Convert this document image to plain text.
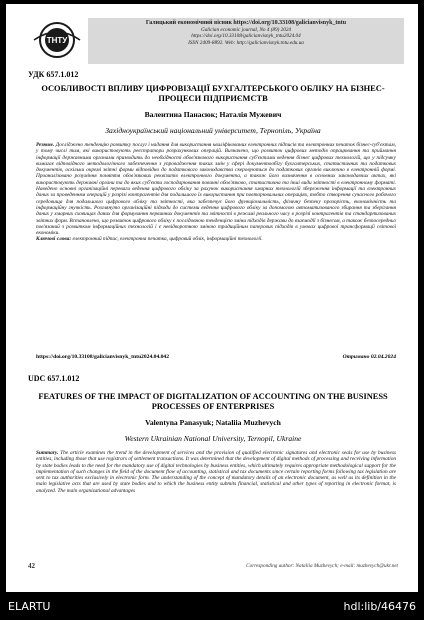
ТНТУ
Галицький економічний вісник https://doi.org/10.33108/galicianvisnyk_tntu
Galician economic journal, No 4 (89) 2024
https://doi.org/10.33108/galicianvisnyk_tntu2024.04
ISSN 2409-8892. Web: http://galicianvisnyk.tntu.edu.ua
УДК 657.1.012
ОСОБЛИВОСТІ ВПЛИВУ ЦИФРОВІЗАЦІЇ БУХГАЛТЕРСЬКОГО ОБЛІКУ НА БІЗНЕС-ПРОЦЕСИ ПІДПРИЄМСТВ
Валентина Панасюк; Наталія Мужевич
Західноукраїнський національний університет, Тернопіль, Україна
Резюме. Досліджено тенденцію розвитку послуг і надання для використання кваліфікованих електронних підписів та електронних печаток бізнес-суб'єктам, у тому числі тим, які використовують реєстратори розрахункових операцій. Визначено, що розвиток цифрових методів опрацювання та приймання інформації державними органами призводить до необхідності обов'язкового використання суб'єктами ведення бізнес цифрових технологій, що у підсумку вимагає відповідного методологічного забезпечення з упровадження таких змін у сфері документообігу бухгалтерських, статистичних та податкових документів, оскільки окремі звітні форми відповідно до податкового законодавства скеровуються до податкових органів виключно в електронній формі. Проаналізовано розуміння поняття обов'язкових реквізитів електронного документа, а також його визначення в основних законодавчих актах, які використовують державні органи та до яких суб'єкти господарювання повинні обов'язково, статистична та інші види звітності в електронному форматі. Наведено основні організаційні переваги ведення цифрового обліку за рахунок використання хмарних технологій збереження інформації та електронних даних за проведенням операцій у розрізі контрагентів для подальшого їх використання при повторювальних операціях, тобто створення сучасного робочого середовища для подальшого цифрового обліку та звітності, яка забезпечує його функціональність, фізичну безпеку прозорість, економічність та інформаційну гнучкість. Розглянуто організаційні підходи до системи ведення цифрового обліку за допомогою автоматизованого збирання та зберігання даних у хмарних сховищах даних для формування первинних документів та звітності в режимі реального часу в розрізі контрагентів та стандартизованих звітних форм. Встановлено, що розвиток цифрового обліку є послідовною тенденцією зміни підходів держави до взаємодії з бізнесом, а також безпосередньо пов'язаний з розвитком інформаційних технологій і є невідворотною зміною традиційним паперових підходів в умовах цифрової трансформації світової економіки.
Ключові слова: електронний підпис, електронна печатка, цифровий облік, інформаційні технології.
https://doi.org/10.33108/galicianvisnyk_tntu2024.04.042	Отримано 02.04.2024
UDC 657.1.012
FEATURES OF THE IMPACT OF DIGITALIZATION OF ACCOUNTING ON THE BUSINESS PROCESSES OF ENTERPRISES
Valentyna Panasyuk; Nataliia Muzhevych
Western Ukrainian National University, Ternopil, Ukraine
Summary. The article examines the trend in the development of services and the provision of qualified electronic signatures and electronic seals for use by business entities, including those that use registrars of settlement transactions. It was determined that the development of digital methods of processing and receiving information by state bodies leads to the need for the mandatory use of digital technologies by business entities, which ultimately requires appropriate methodological support for the implementation of such changes in the field of the document flow of accounting, statistical and tax documents since certain reporting forms following tax legislation are sent to tax authorities exclusively in electronic form. The understanding of the concept of mandatory details of an electronic document, as well as its definition in the main legislative acts that are used by state bodies and to which the business entity submits financial, statistical and other types of reporting in electronic format, is analyzed. The main organizational advantages
42	Corresponding author: Nataliia Muzhevych; e-mail: muzhevych@ukr.net
ELARTU	hdl:lib/46476
